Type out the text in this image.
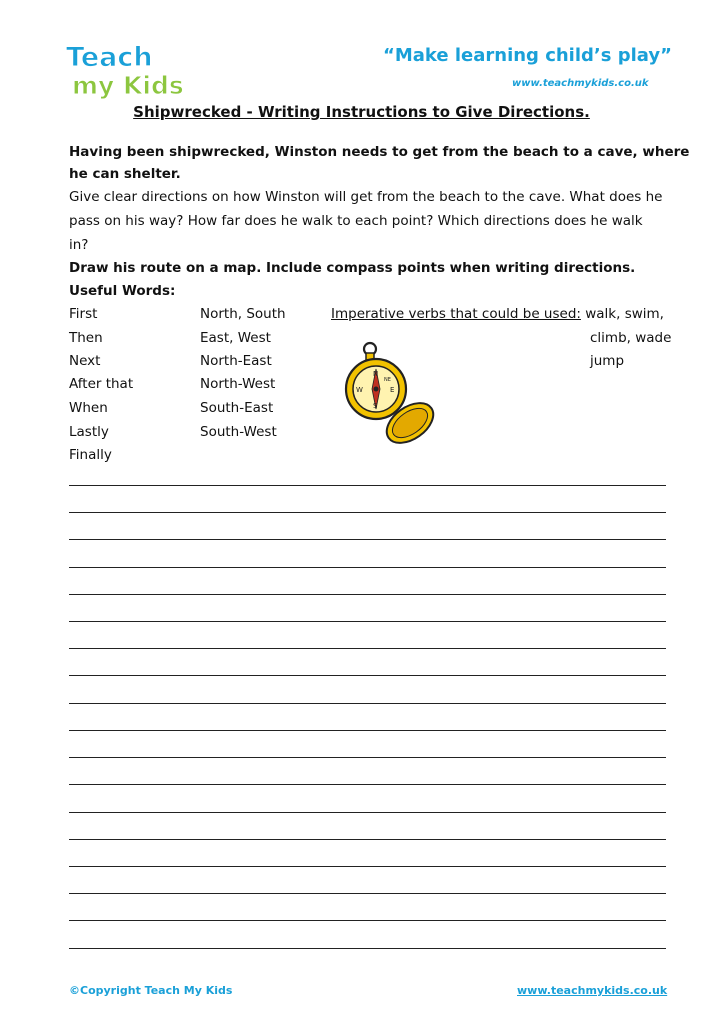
Teach
my Kids
“Make learning child’s play”
www.teachmykids.co.uk
Shipwrecked - Writing Instructions to Give Directions.
Having been shipwrecked, Winston needs to get from the beach to a cave, where
he can shelter.
Give clear directions on how Winston will get from the beach to the cave. What does he
pass on his way? How far does he walk to each point? Which directions does he walk
in?
Draw his route on a map. Include compass points when writing directions.
Useful Words:
First
Then
Next
After that
When
Lastly
Finally
North, South
East, West
North-East
North-West
South-East
South-West
Imperative verbs that could be used: walk, swim,
climb, wade
jump
N
NE
E
S
W
©Copyright Teach My Kids	www.teachmykids.co.uk
